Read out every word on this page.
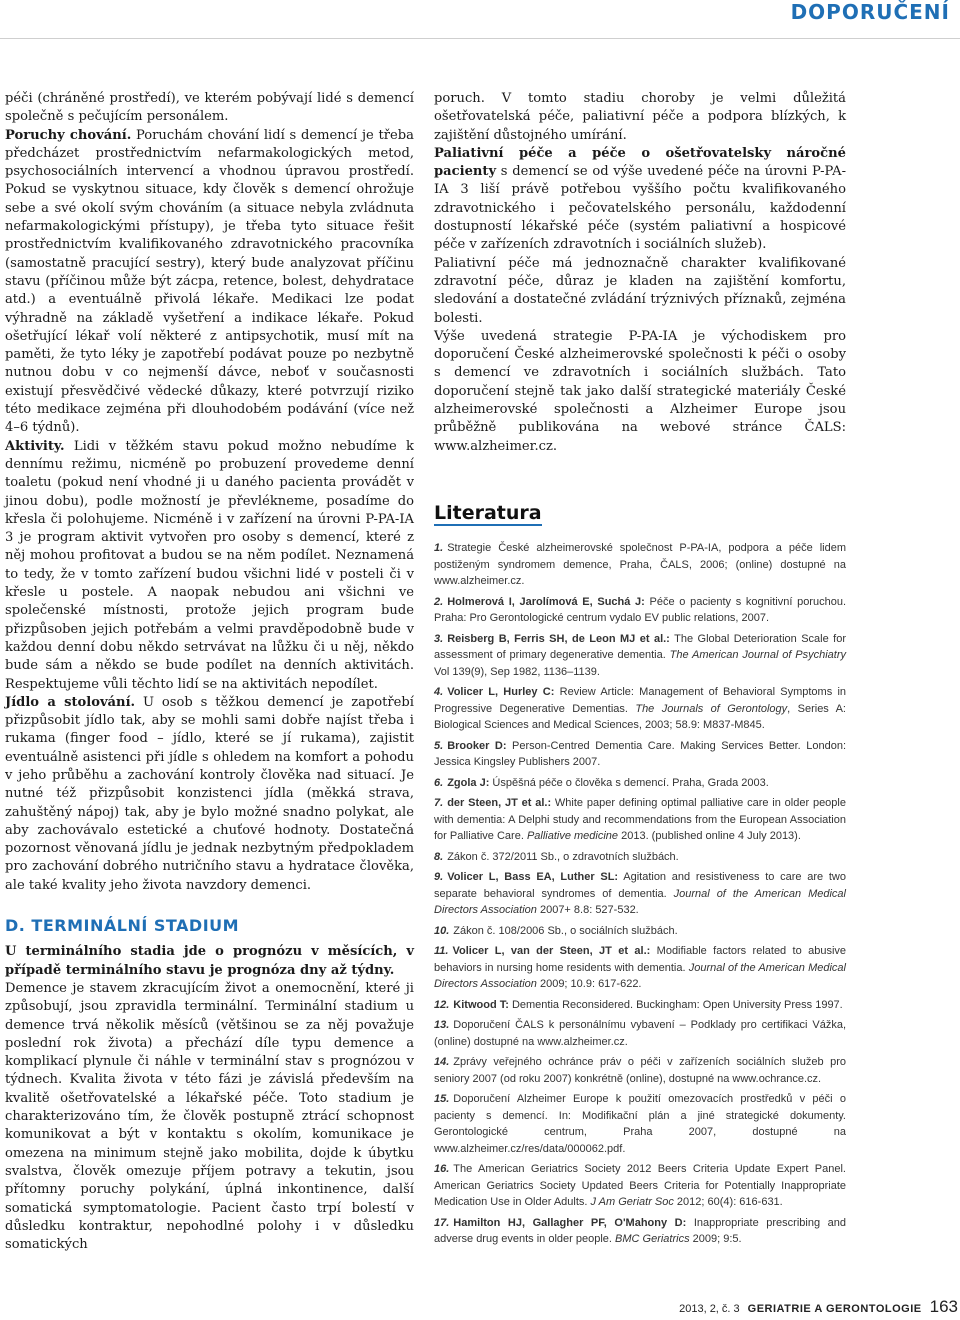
DOPORUČENÍ

péči (chráněné prostředí), ve kterém pobývají lidé s demencí společně s pečujícím personálem.

Poruchy chování. Poruchám chování lidí s demencí je třeba předcházet prostřednictvím nefarmakologických metod, psychosociálních intervencí a vhodnou úpravou prostředí. Pokud se vyskytnou situace, kdy člověk s demencí ohrožuje sebe a své okolí svým chováním (a situace nebyla zvládnuta nefarmakologickými přístupy), je třeba tyto situace řešit prostřednictvím kvalifikovaného zdravotnického pracovníka (samostatně pracující sestry), který bude analyzovat příčinu stavu (příčinou může být zácpa, retence, bolest, dehydratace atd.) a eventuálně přivolá lékaře. Medikaci lze podat výhradně na základě vyšetření a indikace lékaře. Pokud ošetřující lékař volí některé z antipsychotik, musí mít na paměti, že tyto léky je zapotřebí podávat pouze po nezbytně nutnou dobu v co nejmenší dávce, neboť v současnosti existují přesvědčivé vědecké důkazy, které potvrzují riziko této medikace zejména při dlouhodobém podávání (více než 4–6 týdnů).

Aktivity. Lidi v těžkém stavu pokud možno nebudíme k dennímu režimu, nicméně po probuzení provedeme denní toaletu (pokud není vhodné ji u daného pacienta provádět v jinou dobu), podle možností je převlékneme, posadíme do křesla či polohujeme. Nicméně i v zařízení na úrovni P-PA-IA 3 je program aktivit vytvořen pro osoby s demencí, které z něj mohou profitovat a budou se na něm podílet. Neznamená to tedy, že v tomto zařízení budou všichni lidé v posteli či v křesle u postele. A naopak nebudou ani všichni ve společenské místnosti, protože jejich program bude přizpůsoben jejich potřebám a velmi pravděpodobně bude v každou denní dobu někdo setrvávat na lůžku či u něj, někdo bude sám a někdo se bude podílet na denních aktivitách. Respektujeme vůli těchto lidí se na aktivitách nepodílet.

Jídlo a stolování. U osob s těžkou demencí je zapotřebí přizpůsobit jídlo tak, aby se mohli sami dobře najíst třeba i rukama (finger food – jídlo, které se jí rukama), zajistit eventuálně asistenci při jídle s ohledem na komfort a pohodu v jeho průběhu a zachování kontroly člověka nad situací. Je nutné též přizpůsobit konzistenci jídla (měkká strava, zahuštěný nápoj) tak, aby je bylo možné snadno polykat, ale aby zachovávalo estetické a chuťové hodnoty. Dostatečná pozornost věnovaná jídlu je jednak nezbytným předpokladem pro zachování dobrého nutričního stavu a hydratace člověka, ale také kvality jeho života navzdory demenci.

D. TERMINÁLNÍ STADIUM

U terminálního stadia jde o prognózu v měsících, v případě terminálního stavu je prognóza dny až týdny.

Demence je stavem zkracujícím život a onemocnění, které ji způsobují, jsou zpravidla terminální. Terminální stadium u demence trvá několik měsíců (většinou se za něj považuje poslední rok života) a přechází díle typu demence a komplikací plynule či náhle v terminální stav s prognózou v týdnech. Kvalita života v této fázi je závislá především na kvalitě ošetřovatelské a lékařské péče. Toto stadium je charakterizováno tím, že člověk postupně ztrácí schopnost komunikovat a být v kontaktu s okolím, komunikace je omezena na minimum stejně jako mobilita, dojde k úbytku svalstva, člověk omezuje příjem potravy a tekutin, jsou přítomny poruchy polykání, úplná inkontinence, další somatická symptomatologie. Pacient často trpí bolestí v důsledku kontraktur, nepohodlné polohy i v důsledku somatických

poruch. V tomto stadiu choroby je velmi důležitá ošetřovatelská péče, paliativní péče a podpora blízkých, k zajištění důstojného umírání.

Paliativní péče a péče o ošetřovatelsky náročné pacienty s demencí se od výše uvedené péče na úrovni P-PA-IA 3 liší právě potřebou vyššího počtu kvalifikovaného zdravotnického i pečovatelského personálu, každodenní dostupností lékařské péče (systém paliativní a hospicové péče v zařízeních zdravotních i sociálních služeb).

Paliativní péče má jednoznačně charakter kvalifikované zdravotní péče, důraz je kladen na zajištění komfortu, sledování a dostatečné zvládání trýznivých příznaků, zejména bolesti.

Výše uvedená strategie P-PA-IA je východiskem pro doporučení České alzheimerovské společnosti k péči o osoby s demencí ve zdravotních i sociálních službách. Tato doporučení stejně tak jako další strategické materiály České alzheimerovské společnosti a Alzheimer Europe jsou průběžně publikována na webové stránce ČALS: www.alzheimer.cz.

Literatura
1. Strategie České alzheimerovské společnost P-PA-IA, podpora a péče lidem postiženým syndromem demence, Praha, ČALS, 2006; (online) dostupné na www.alzheimer.cz.
2. Holmerová I, Jarolímová E, Suchá J: Péče o pacienty s kognitivní poruchou. Praha: Pro Gerontologické centrum vydalo EV public relations, 2007.
3. Reisberg B, Ferris SH, de Leon MJ et al.: The Global Deterioration Scale for assessment of primary degenerative dementia. The American Journal of Psychiatry Vol 139(9), Sep 1982, 1136–1139.
4. Volicer L, Hurley C: Review Article: Management of Behavioral Symptoms in Progressive Degenerative Dementias. The Journals of Gerontology, Series A: Biological Sciences and Medical Sciences, 2003; 58.9: M837-M845.
5. Brooker D: Person-Centred Dementia Care. Making Services Better. London: Jessica Kingsley Publishers 2007.
6. Zgola J: Úspěšná péče o člověka s demencí. Praha, Grada 2003.
7. der Steen, JT et al.: White paper defining optimal palliative care in older people with dementia: A Delphi study and recommendations from the European Association for Palliative Care. Palliative medicine 2013. (published online 4 July 2013).
8. Zákon č. 372/2011 Sb., o zdravotních službách.
9. Volicer L, Bass EA, Luther SL: Agitation and resistiveness to care are two separate behavioral syndromes of dementia. Journal of the American Medical Directors Association 2007+ 8.8: 527-532.
10. Zákon č. 108/2006 Sb., o sociálních službách.
11. Volicer L, van der Steen, JT et al.: Modifiable factors related to abusive behaviors in nursing home residents with dementia. Journal of the American Medical Directors Association 2009; 10.9: 617-622.
12. Kitwood T: Dementia Reconsidered. Buckingham: Open University Press 1997.
13. Doporučení ČALS k personálnímu vybavení – Podklady pro certifikaci Vážka, (online) dostupné na www.alzheimer.cz.
14. Zprávy veřejného ochránce práv o péči v zařízeních sociálních služeb pro seniory 2007 (od roku 2007) konkrétně (online), dostupné na www.ochrance.cz.
15. Doporučení Alzheimer Europe k použití omezovacích prostředků v péči o pacienty s demencí. In: Modifikační plán a jiné strategické dokumenty. Gerontologické centrum, Praha 2007, dostupné na www.alzheimer.cz/res/data/000062.pdf.
16. The American Geriatrics Society 2012 Beers Criteria Update Expert Panel. American Geriatrics Society Updated Beers Criteria for Potentially Inappropriate Medication Use in Older Adults. J Am Geriatr Soc 2012; 60(4): 616-631.
17. Hamilton HJ, Gallagher PF, O'Mahony D: Inappropriate prescribing and adverse drug events in older people. BMC Geriatrics 2009; 9:5.
2013, 2, č. 3 GERIATRIE A GERONTOLOGIE 163
